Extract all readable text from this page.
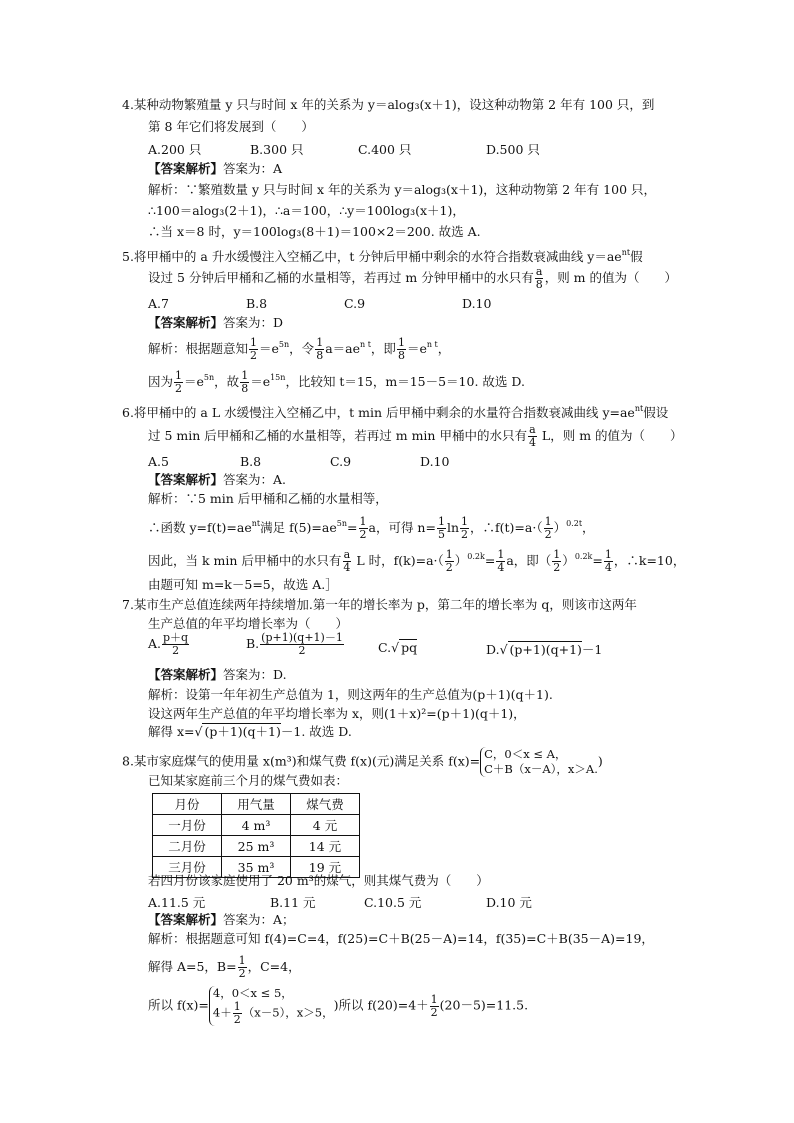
4.某种动物繁殖量 y 只与时间 x 年的关系为 y＝alog₃(x＋1)，设这种动物第 2 年有 100 只，到
第 8 年它们将发展到（　　）
A.200 只	B.300 只	C.400 只	D.500 只
【答案解析】答案为：A
解析：∵繁殖数量 y 只与时间 x 年的关系为 y＝alog₃(x＋1)，这种动物第 2 年有 100 只，
∴100＝alog₃(2＋1)，∴a＝100，∴y＝100log₃(x＋1)，
∴当 x＝8 时，y＝100log₃(8＋1)＝100×2＝200. 故选 A.
5.将甲桶中的 a 升水缓慢注入空桶乙中，t 分钟后甲桶中剩余的水符合指数衰减曲线 $y=ae^{nt}$假
设过 5 分钟后甲桶和乙桶的水量相等，若再过 m 分钟甲桶中的水只有 $\frac{a}{8}$ ，则 m 的值为（　　）
A.7	B.8	C.9	D.10
【答案解析】答案为：D
解析：根据题意知 $\frac{1}{2} =e^{5n}$，令 $\frac{1}{8} a=ae^{n t}$，即 $\frac{1}{8} =e^{n t}$，
因为 $\frac{1}{2} =e^{5n}$，故 $\frac{1}{8} =e^{15n}$，比较知 t＝15，m＝15－5＝10. 故选 D.
6.将甲桶中的 a L 水缓慢注入空桶乙中，t min 后甲桶中剩余的水量符合指数衰减曲线 $y=ae^{nt}$假设
过 5 min 后甲桶和乙桶的水量相等，若再过 m min 甲桶中的水只有 $\frac{a}{4}$ L，则 m 的值为（　　）
A.5	B.8	C.9	D.10
【答案解析】答案为：A.
解析：∵5 min 后甲桶和乙桶的水量相等，
∴函数 $y=f(t)=ae^{nt}$满足 $f(5)=ae^{5n}= \frac{1}{2}$ a，可得 $n= \frac{1}{5}$ $\ln \frac{1}{2}$ ，∴f(t)=a·（ $\frac{1}{2} )^{0.2t}$，
因此，当 k min 后甲桶中的水只有 $\frac{a}{4}$ L 时，$f(k)=a\cdot( \frac{1}{2} )^{0.2k}= \frac{1}{4}$ a，即（ $\frac{1}{2} )^{0.2k}= \frac{1}{4}$ ，∴k=10，
由题可知 m=k－5=5，故选 A.］
7.某市生产总值连续两年持续增加.第一年的增长率为 p，第二年的增长率为 q，则该市这两年
生产总值的年平均增长率为（　　）
A. $\frac{p+q}{2}$	B. $\frac{(p+1)(q+1)-1}{2}$	C.√ pq	D.√ (p+1)(q+1)－1
【答案解析】答案为：D.
解析：设第一年年初生产总值为 1，则这两年的生产总值为(p＋1)(q＋1).
设这两年生产总值的年平均增长率为 x，则(1＋x)²=(p＋1)(q＋1)，
解得 x=√ (p＋1)(q＋1)－1. 故选 D.
8.某市家庭煤气的使用量 x(m³)和煤气费 f(x)(元)满足关系 f(x)= C，0＜x ≤ A，
C＋B（x－A），x＞A.
)
已知某家庭前三个月的煤气费如表：
月份	用气量	煤气费
一月份	4 m³	4 元
二月份	25 m³	14 元
三月份	35 m³	19 元
若四月份该家庭使用了 20 m³的煤气，则其煤气费为（　　）
A.11.5 元	B.11 元	C.10.5 元	D.10 元
【答案解析】答案为：A；
解析：根据题意可知 f(4)=C=4，f(25)=C＋B(25－A)=14，f(35)=C＋B(35－A)=19，
解得 A=5，$B= \frac{1}{2}$ ，C=4，
所以 f(x)=
4，0＜x ≤ 5，
$4+ \frac{1}{2} (x-5)$，x＞5， )所以 $f(20)=4+ \frac{1}{2} (20-5)=11.5$.
